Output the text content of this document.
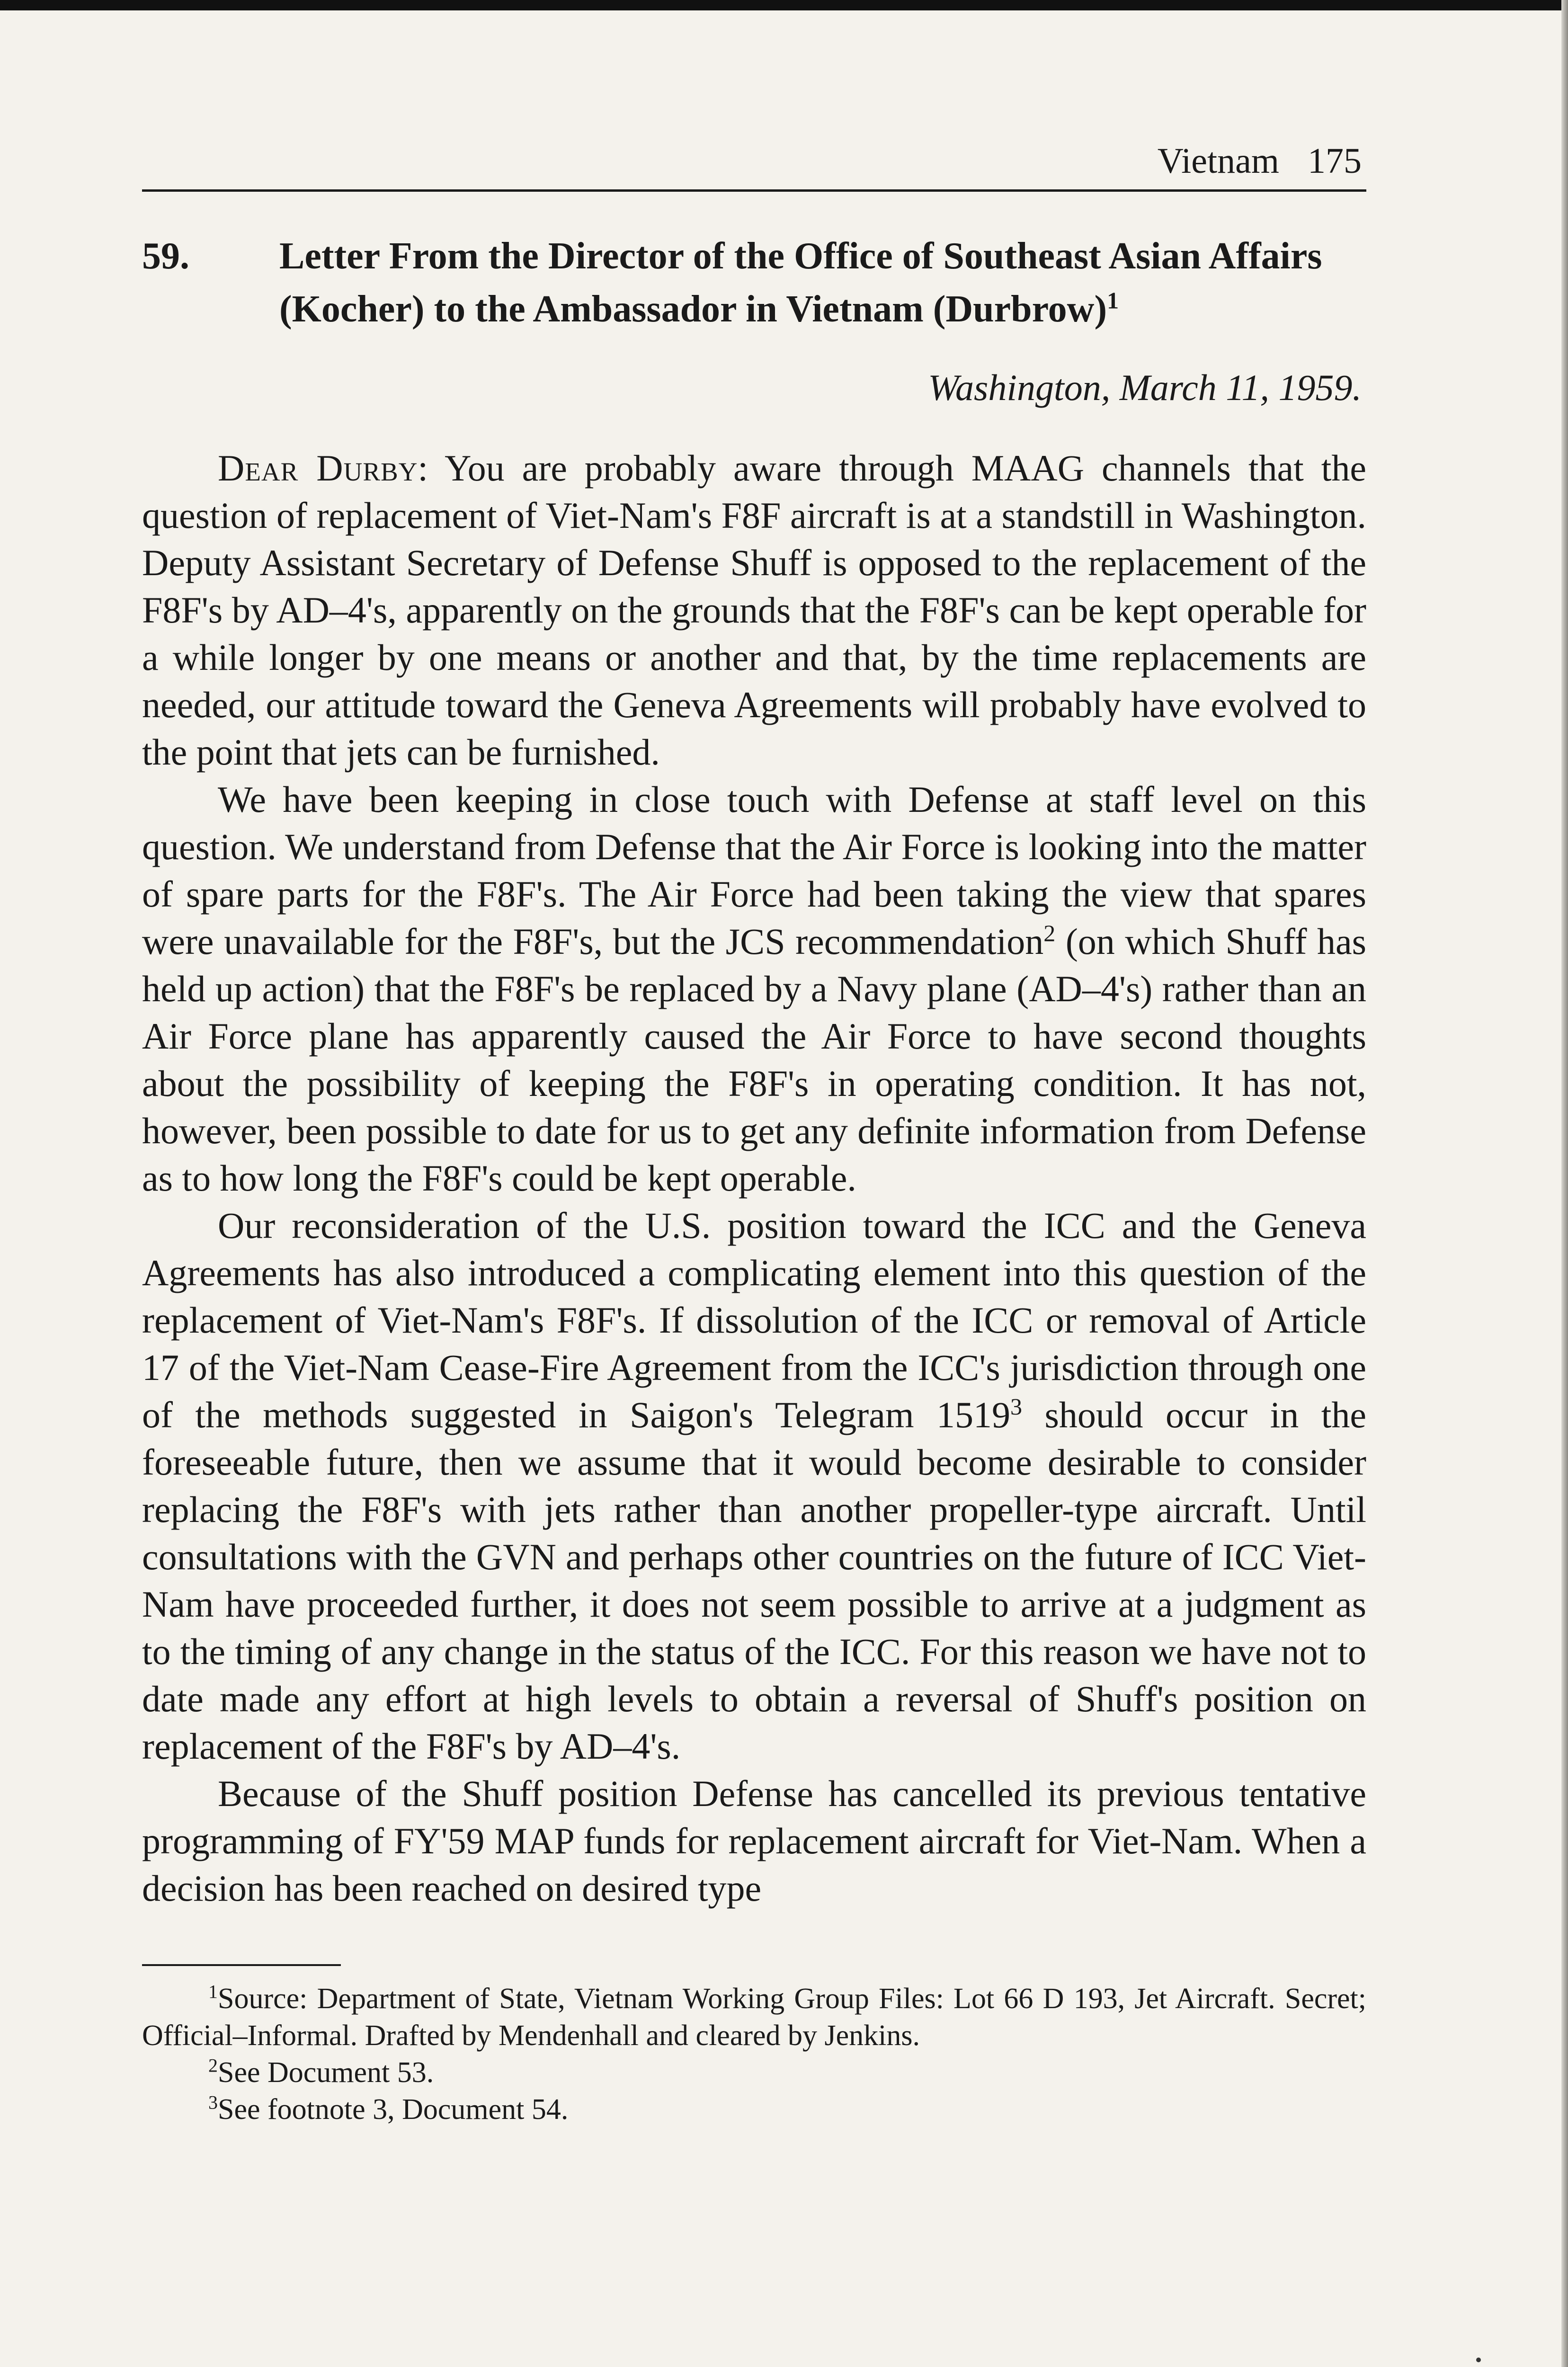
Vietnam 175
59.	Letter From the Director of the Office of Southeast Asian Affairs (Kocher) to the Ambassador in Vietnam (Durbrow)$^1$
Washington, March 11, 1959.

Dear Durby: You are probably aware through MAAG channels that the question of replacement of Viet-Nam's F8F aircraft is at a standstill in Washington. Deputy Assistant Secretary of Defense Shuff is opposed to the replacement of the F8F's by AD–4's, apparently on the grounds that the F8F's can be kept operable for a while longer by one means or another and that, by the time replacements are needed, our attitude toward the Geneva Agreements will probably have evolved to the point that jets can be furnished.

We have been keeping in close touch with Defense at staff level on this question. We understand from Defense that the Air Force is looking into the matter of spare parts for the F8F's. The Air Force had been taking the view that spares were unavailable for the F8F's, but the JCS recommendation$^2$ (on which Shuff has held up action) that the F8F's be replaced by a Navy plane (AD–4's) rather than an Air Force plane has apparently caused the Air Force to have second thoughts about the possibility of keeping the F8F's in operating condition. It has not, however, been possible to date for us to get any definite information from Defense as to how long the F8F's could be kept operable.

Our reconsideration of the U.S. position toward the ICC and the Geneva Agreements has also introduced a complicating element into this question of the replacement of Viet-Nam's F8F's. If dissolution of the ICC or removal of Article 17 of the Viet-Nam Cease-Fire Agreement from the ICC's jurisdiction through one of the methods suggested in Saigon's Telegram 1519$^3$ should occur in the foreseeable future, then we assume that it would become desirable to consider replacing the F8F's with jets rather than another propeller-type aircraft. Until consultations with the GVN and perhaps other countries on the future of ICC Viet-Nam have proceeded further, it does not seem possible to arrive at a judgment as to the timing of any change in the status of the ICC. For this reason we have not to date made any effort at high levels to obtain a reversal of Shuff's position on replacement of the F8F's by AD–4's.

Because of the Shuff position Defense has cancelled its previous tentative programming of FY'59 MAP funds for replacement aircraft for Viet-Nam. When a decision has been reached on desired type

$^1$Source: Department of State, Vietnam Working Group Files: Lot 66 D 193, Jet Aircraft. Secret; Official–Informal. Drafted by Mendenhall and cleared by Jenkins.

$^2$See Document 53.

$^3$See footnote 3, Document 54.
